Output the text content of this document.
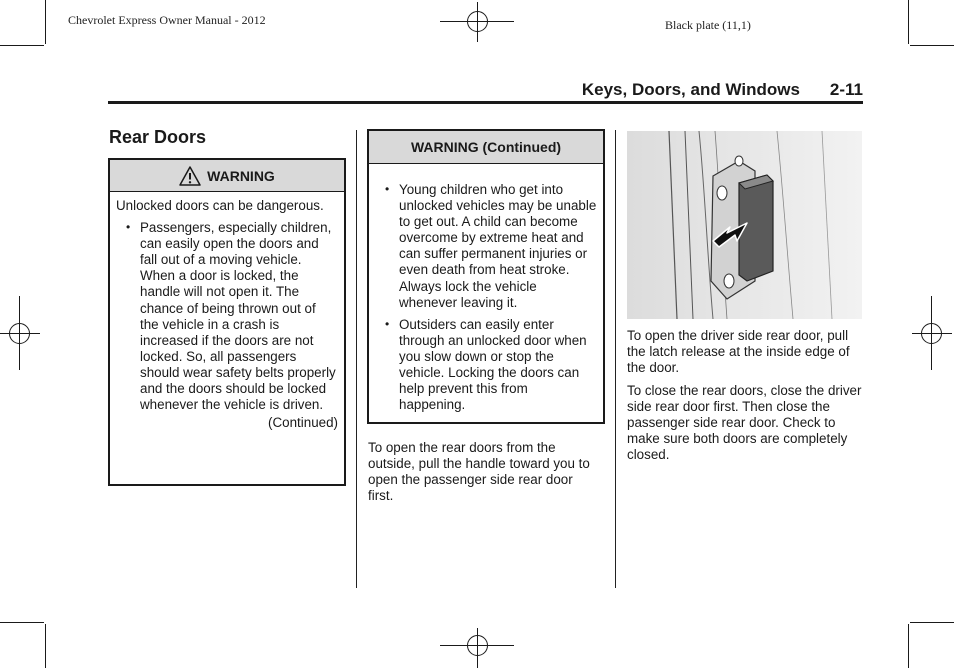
Chevrolet Express Owner Manual - 2012	Black plate (11,1)
Keys, Doors, and Windows 2-11
Rear Doors
WARNING
Unlocked doors can be dangerous.
• Passengers, especially children, can easily open the doors and fall out of a moving vehicle. When a door is locked, the handle will not open it. The chance of being thrown out of the vehicle in a crash is increased if the doors are not locked. So, all passengers should wear safety belts properly and the doors should be locked whenever the vehicle is driven.
(Continued)
WARNING (Continued)
• Young children who get into unlocked vehicles may be unable to get out. A child can become overcome by extreme heat and can suffer permanent injuries or even death from heat stroke. Always lock the vehicle whenever leaving it.
• Outsiders can easily enter through an unlocked door when you slow down or stop the vehicle. Locking the doors can help prevent this from happening.
To open the rear doors from the outside, pull the handle toward you to open the passenger side rear door first.
To open the driver side rear door, pull the latch release at the inside edge of the door.
To close the rear doors, close the driver side rear door first. Then close the passenger side rear door. Check to make sure both doors are completely closed.
